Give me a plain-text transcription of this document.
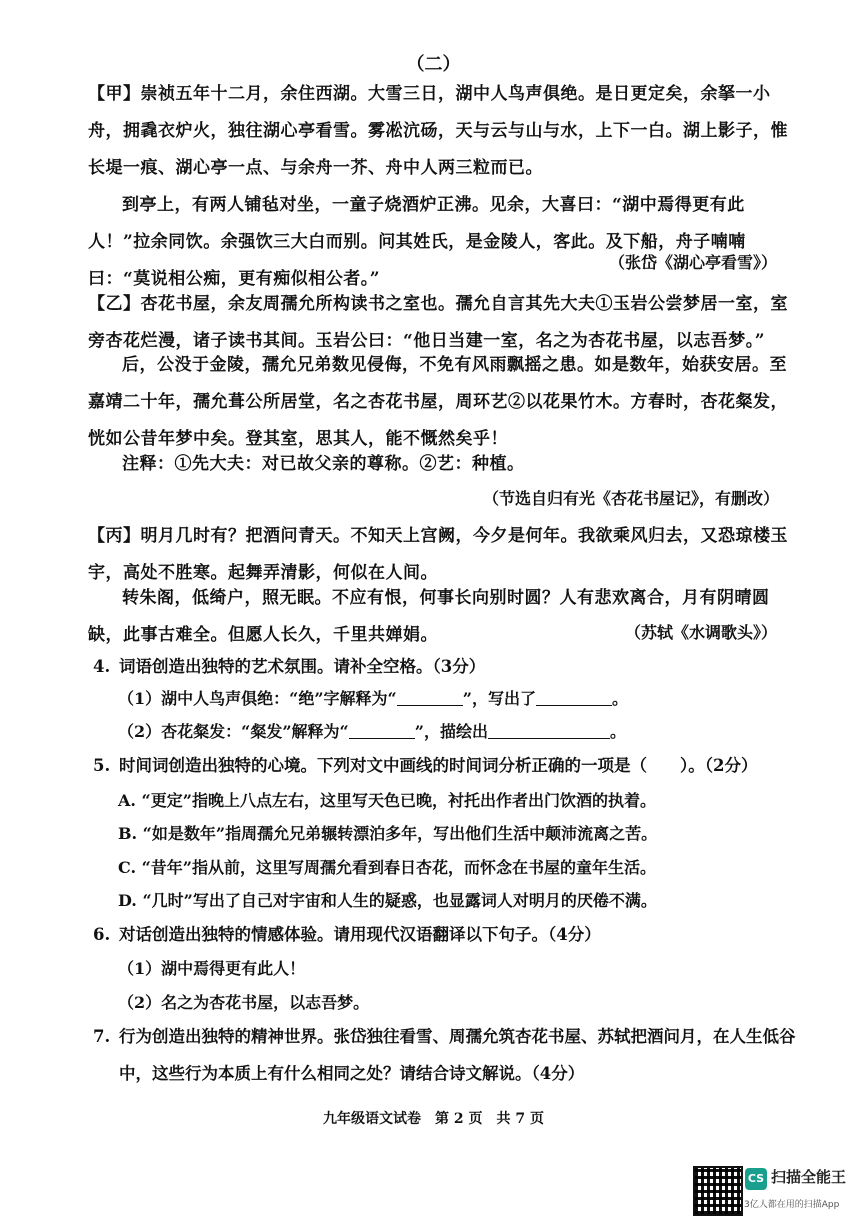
（二）
【甲】崇祯五年十二月，余住西湖。大雪三日，湖中人鸟声俱绝。是日更定矣，余拏一小舟，拥毳衣炉火，独往湖心亭看雪。雾凇沆砀，天与云与山与水，上下一白。湖上影子，惟长堤一痕、湖心亭一点、与余舟一芥、舟中人两三粒而已。
到亭上，有两人铺毡对坐，一童子烧酒炉正沸。见余，大喜曰：“湖中焉得更有此人！”拉余同饮。余强饮三大白而别。问其姓氏，是金陵人，客此。及下船，舟子喃喃曰：“莫说相公痴，更有痴似相公者。”
（张岱《湖心亭看雪》）
【乙】杏花书屋，余友周孺允所构读书之室也。孺允自言其先大夫①玉岩公尝梦居一室，室旁杏花烂漫，诸子读书其间。玉岩公曰：“他日当建一室，名之为杏花书屋，以志吾梦。”
后，公没于金陵，孺允兄弟数见侵侮，不免有风雨飘摇之患。如是数年，始获安居。至嘉靖二十年，孺允葺公所居堂，名之杏花书屋，周环艺②以花果竹木。方春时，杏花粲发，恍如公昔年梦中矣。登其室，思其人，能不慨然矣乎！
注释：①先大夫：对已故父亲的尊称。②艺：种植。
（节选自归有光《杏花书屋记》，有删改）
【丙】明月几时有？把酒问青天。不知天上宫阙，今夕是何年。我欲乘风归去，又恐琼楼玉宇，高处不胜寒。起舞弄清影，何似在人间。
转朱阁，低绮户，照无眠。不应有恨，何事长向别时圆？人有悲欢离合，月有阴晴圆缺，此事古难全。但愿人长久，千里共婵娟。	（苏轼《水调歌头》）
4. 词语创造出独特的艺术氛围。请补全空格。（3分）
（1）湖中人鸟声俱绝：“绝”字解释为“	”，写出了	。
（2）杏花粲发：“粲发”解释为“	”，描绘出	。
5. 时间词创造出独特的心境。下列对文中画线的时间词分析正确的一项是（　　）。（2分）
A. “更定”指晚上八点左右，这里写天色已晚，衬托出作者出门饮酒的执着。
B. “如是数年”指周孺允兄弟辗转漂泊多年，写出他们生活中颠沛流离之苦。
C. “昔年”指从前，这里写周孺允看到春日杏花，而怀念在书屋的童年生活。
D. “几时”写出了自己对宇宙和人生的疑惑，也显露词人对明月的厌倦不满。
6. 对话创造出独特的情感体验。请用现代汉语翻译以下句子。（4分）
（1）湖中焉得更有此人！
（2）名之为杏花书屋，以志吾梦。
7. 行为创造出独特的精神世界。张岱独往看雪、周孺允筑杏花书屋、苏轼把酒问月，在人生低谷中，这些行为本质上有什么相同之处？请结合诗文解说。（4分）
九年级语文试卷　第 2 页　共 7 页
CS 扫描全能王
3亿人都在用的扫描App
